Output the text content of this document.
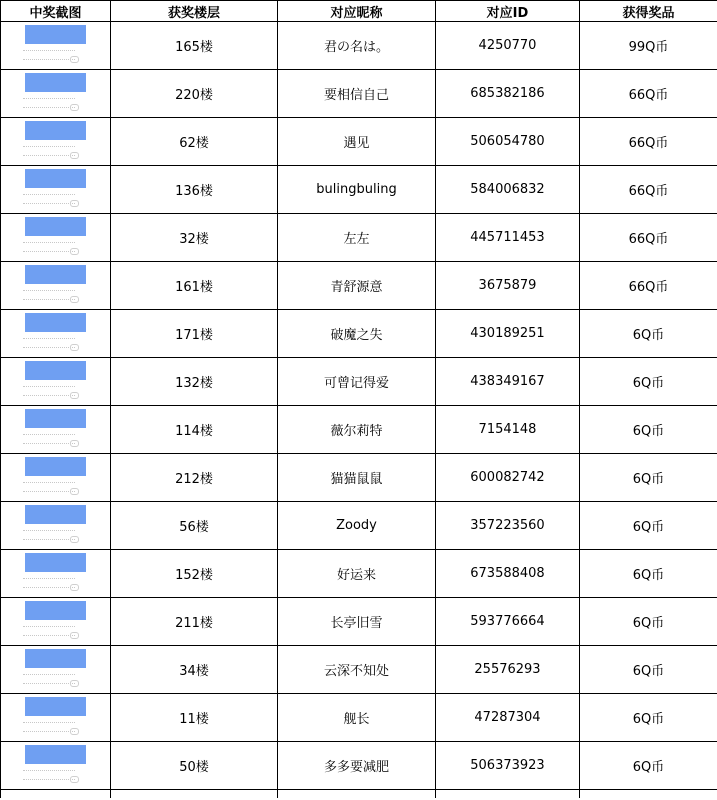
中奖截图	获奖楼层	对应昵称	对应ID	获得奖品

	165楼	君の名は。	4250770	99Q币

	220楼	要相信自己	685382186	66Q币

	62楼	遇见	506054780	66Q币

	136楼	bulingbuling	584006832	66Q币

	32楼	左左	445711453	66Q币

	161楼	青舒源意	3675879	66Q币

	171楼	破魔之失	430189251	6Q币

	132楼	可曾记得爱	438349167	6Q币

	114楼	薇尔莉特	7154148	6Q币

	212楼	猫猫鼠鼠	600082742	6Q币

	56楼	Zoody	357223560	6Q币

	152楼	好运来	673588408	6Q币

	211楼	长亭旧雪	593776664	6Q币

	34楼	云深不知处	25576293	6Q币

	11楼	舰长	47287304	6Q币

	50楼	多多要减肥	506373923	6Q币
